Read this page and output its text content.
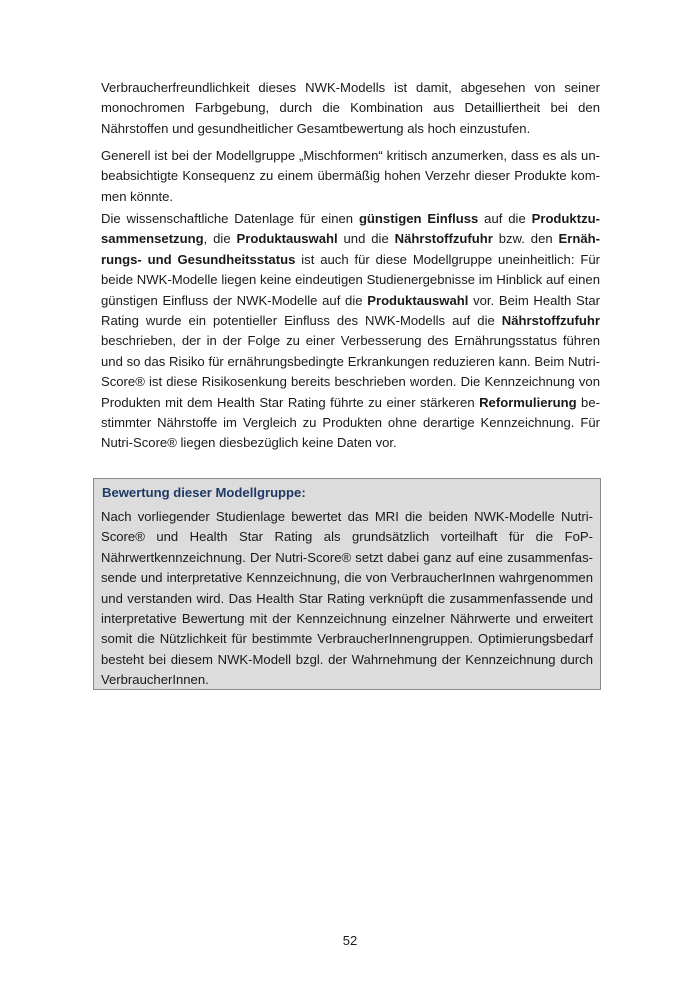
Verbraucherfreundlichkeit dieses NWK-Modells ist damit, abgesehen von seiner monochromen Farbgebung, durch die Kombination aus Detailliertheit bei den Nährstoffen und gesundheitlicher Gesamtbewertung als hoch einzustufen.

Generell ist bei der Modellgruppe „Mischformen“ kritisch anzumerken, dass es als unbeabsichtigte Konsequenz zu einem übermäßig hohen Verzehr dieser Produkte kommen könnte.

Die wissenschaftliche Datenlage für einen günstigen Einfluss auf die Produktzusammensetzung, die Produktauswahl und die Nährstoffzufuhr bzw. den Ernährungs- und Gesundheitsstatus ist auch für diese Modellgruppe uneinheitlich: Für beide NWK-Modelle liegen keine eindeutigen Studienergebnisse im Hinblick auf einen günstigen Einfluss der NWK-Modelle auf die Produktauswahl vor. Beim Health Star Rating wurde ein potentieller Einfluss des NWK-Modells auf die Nährstoffzufuhr beschrieben, der in der Folge zu einer Verbesserung des Ernährungsstatus führen und so das Risiko für ernährungsbedingte Erkrankungen reduzieren kann. Beim Nutri-Score® ist diese Risikosenkung bereits beschrieben worden. Die Kennzeichnung von Produkten mit dem Health Star Rating führte zu einer stärkeren Reformulierung bestimmter Nährstoffe im Vergleich zu Produkten ohne derartige Kennzeichnung. Für Nutri-Score® liegen diesbezüglich keine Daten vor.

Bewertung dieser Modellgruppe:

Nach vorliegender Studienlage bewertet das MRI die beiden NWK-Modelle Nutri-Score® und Health Star Rating als grundsätzlich vorteilhaft für die FoP-Nährwertkennzeichnung. Der Nutri-Score® setzt dabei ganz auf eine zusammenfassende und interpretative Kennzeichnung, die von VerbraucherInnen wahrgenommen und verstanden wird. Das Health Star Rating verknüpft die zusammenfassende und interpretative Bewertung mit der Kennzeichnung einzelner Nährwerte und erweitert somit die Nützlichkeit für bestimmte VerbraucherInnengruppen. Optimierungsbedarf besteht bei diesem NWK-Modell bzgl. der Wahrnehmung der Kennzeichnung durch VerbraucherInnen.

52
